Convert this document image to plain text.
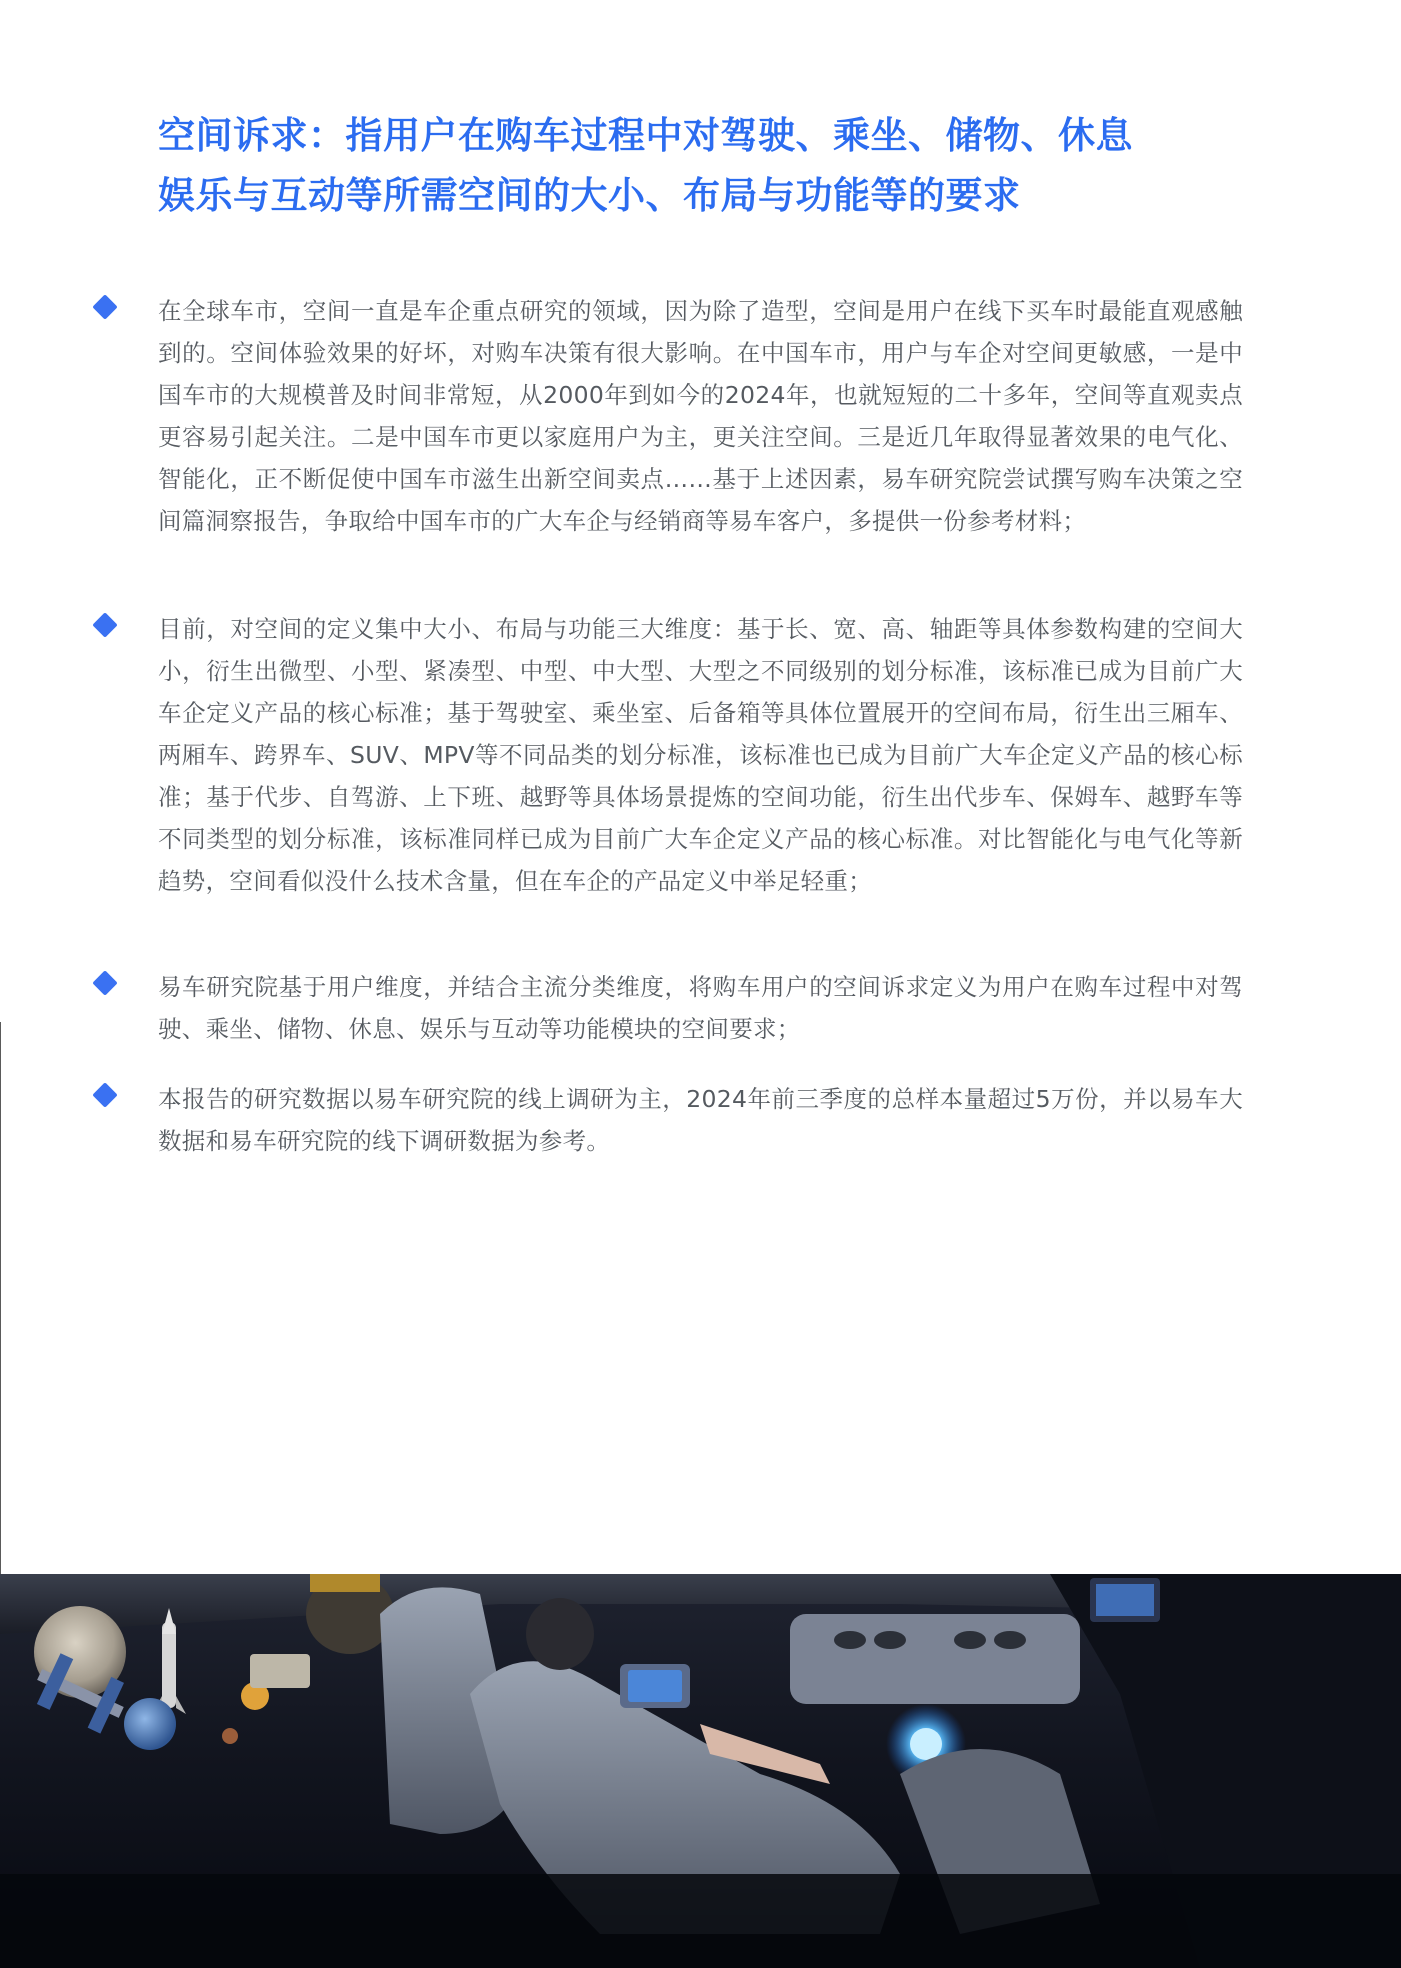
空间诉求：指用户在购车过程中对驾驶、乘坐、储物、休息
娱乐与互动等所需空间的大小、布局与功能等的要求

在全球车市，空间一直是车企重点研究的领域，因为除了造型，空间是用户在线下买车时最能直观感触到的。空间体验效果的好坏，对购车决策有很大影响。在中国车市，用户与车企对空间更敏感，一是中国车市的大规模普及时间非常短，从2000年到如今的2024年，也就短短的二十多年，空间等直观卖点更容易引起关注。二是中国车市更以家庭用户为主，更关注空间。三是近几年取得显著效果的电气化、智能化，正不断促使中国车市滋生出新空间卖点……基于上述因素，易车研究院尝试撰写购车决策之空间篇洞察报告，争取给中国车市的广大车企与经销商等易车客户，多提供一份参考材料；

目前，对空间的定义集中大小、布局与功能三大维度：基于长、宽、高、轴距等具体参数构建的空间大小，衍生出微型、小型、紧凑型、中型、中大型、大型之不同级别的划分标准，该标准已成为目前广大车企定义产品的核心标准；基于驾驶室、乘坐室、后备箱等具体位置展开的空间布局，衍生出三厢车、两厢车、跨界车、SUV、MPV等不同品类的划分标准，该标准也已成为目前广大车企定义产品的核心标准；基于代步、自驾游、上下班、越野等具体场景提炼的空间功能，衍生出代步车、保姆车、越野车等不同类型的划分标准，该标准同样已成为目前广大车企定义产品的核心标准。对比智能化与电气化等新趋势，空间看似没什么技术含量，但在车企的产品定义中举足轻重；

易车研究院基于用户维度，并结合主流分类维度，将购车用户的空间诉求定义为用户在购车过程中对驾驶、乘坐、储物、休息、娱乐与互动等功能模块的空间要求；

本报告的研究数据以易车研究院的线上调研为主，2024年前三季度的总样本量超过5万份，并以易车大数据和易车研究院的线下调研数据为参考。
